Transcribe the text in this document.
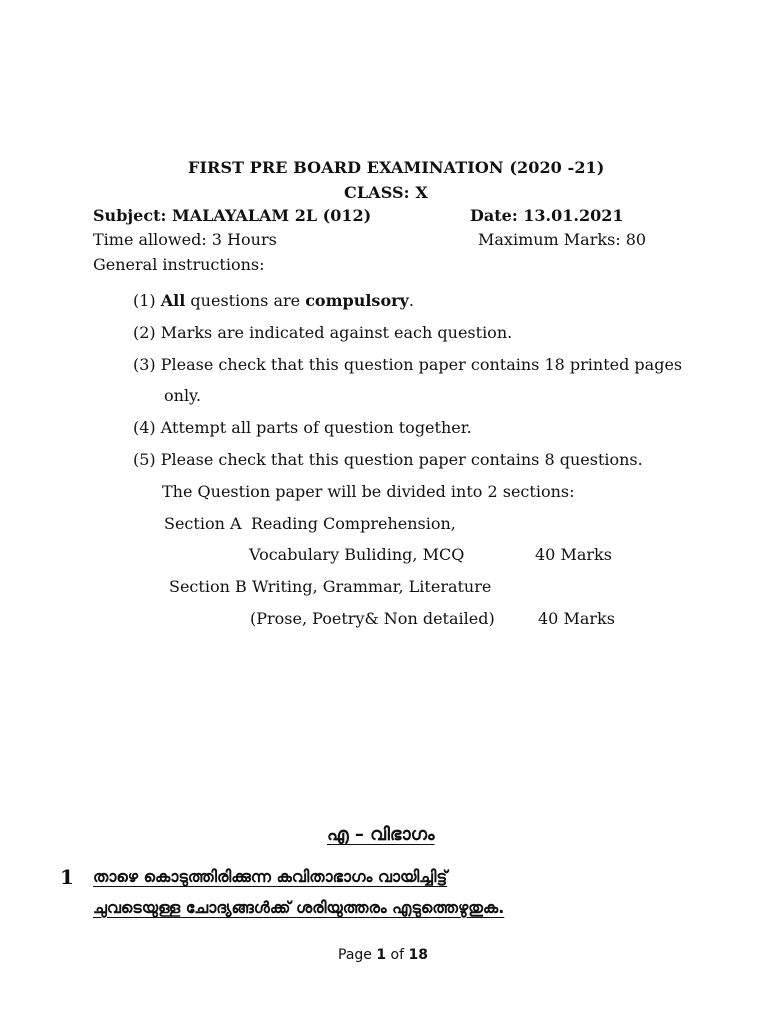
FIRST PRE BOARD EXAMINATION (2020 -21)
CLASS: X
Subject: MALAYALAM 2L (012)	Date: 13.01.2021
Time allowed: 3 Hours	Maximum Marks: 80
General instructions:
(1) All questions are compulsory.
(2) Marks are indicated against each question.
(3) Please check that this question paper contains 18 printed pages
only.
(4) Attempt all parts of question together.
(5) Please check that this question paper contains 8 questions.
The Question paper will be divided into 2 sections:
Section A Reading Comprehension,
Vocabulary Buliding, MCQ	40 Marks
Section B Writing, Grammar, Literature
(Prose, Poetry& Non detailed)	40 Marks
എ – വിഭാഗം
1 താഴെ കൊടുത്തിരിക്കുന്ന കവിതാഭാഗം വായിച്ചിട്ട്
ചുവടെയുള്ള ചോദ്യങ്ങൾക്ക് ശരിയുത്തരം എടുത്തെഴുതുക.
Page 1 of 18
